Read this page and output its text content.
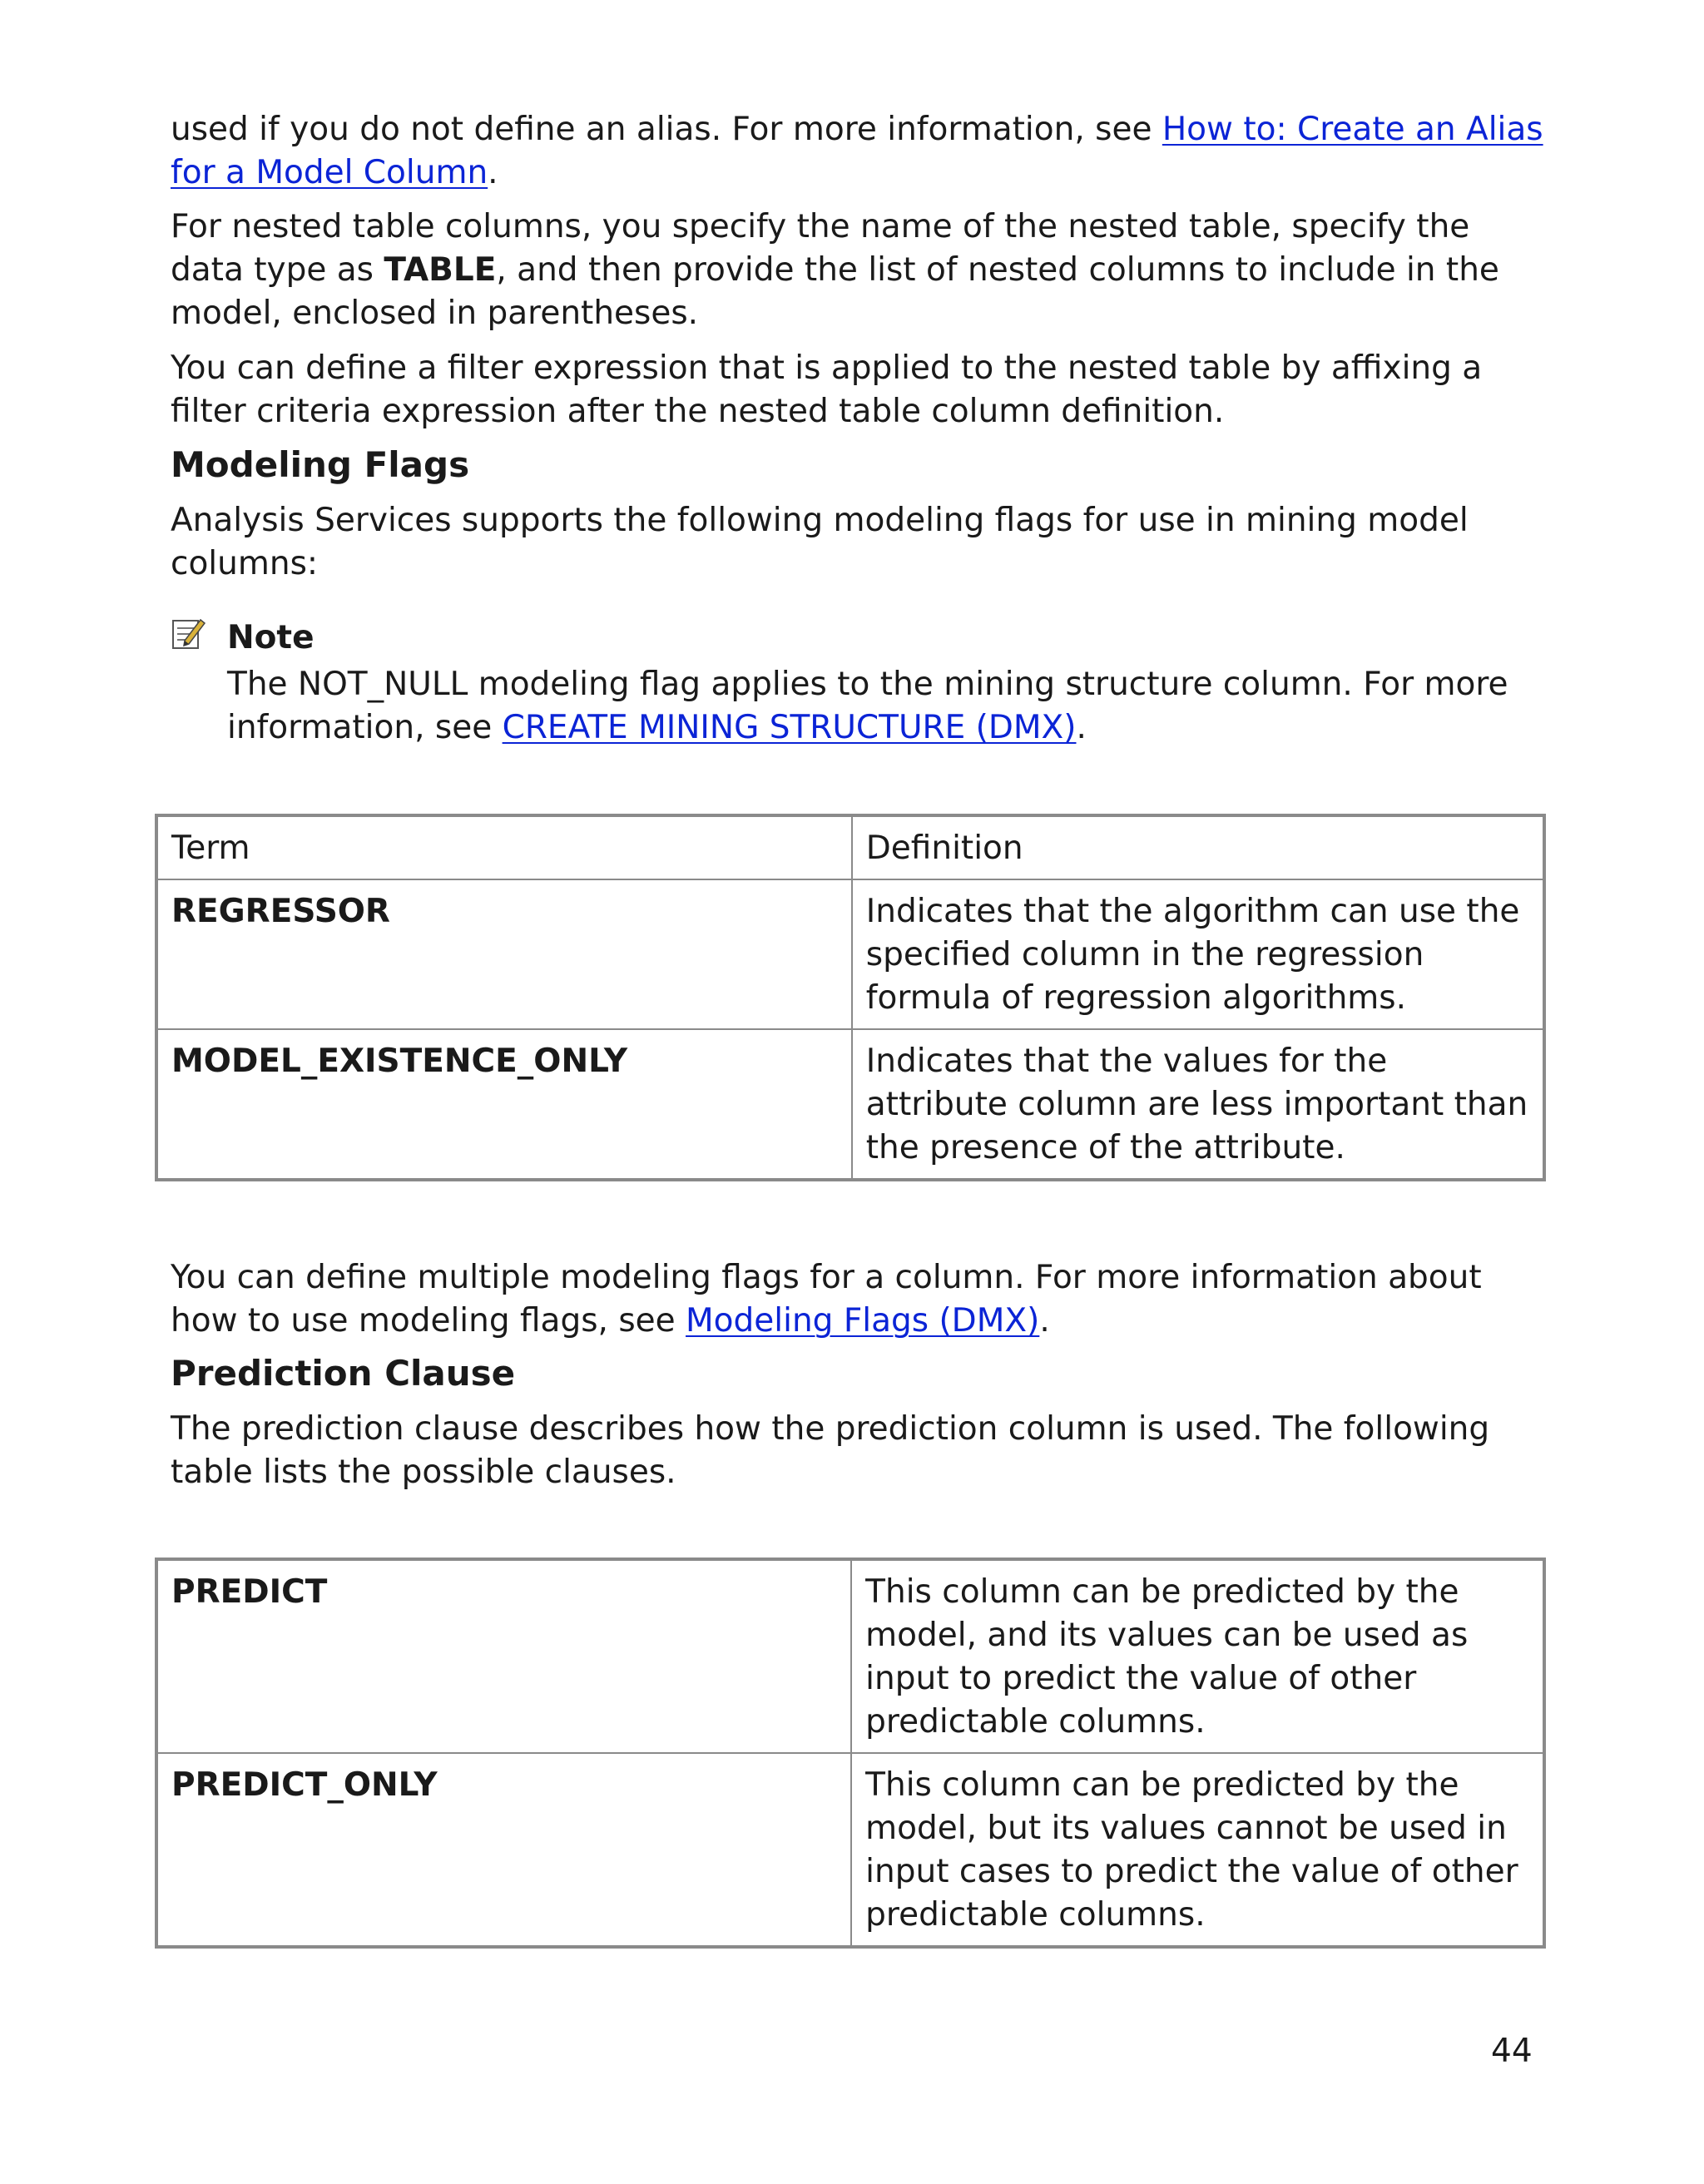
used if you do not define an alias. For more information, see How to: Create an Alias for a Model Column.

For nested table columns, you specify the name of the nested table, specify the data type as TABLE, and then provide the list of nested columns to include in the model, enclosed in parentheses.

You can define a filter expression that is applied to the nested table by affixing a filter criteria expression after the nested table column definition.

Modeling Flags

Analysis Services supports the following modeling flags for use in mining model columns:

Note

The NOT_NULL modeling flag applies to the mining structure column. For more information, see CREATE MINING STRUCTURE (DMX).

Term	Definition
REGRESSOR	Indicates that the algorithm can use the specified column in the regression formula of regression algorithms.
MODEL_EXISTENCE_ONLY	Indicates that the values for the attribute column are less important than the presence of the attribute.

You can define multiple modeling flags for a column. For more information about how to use modeling flags, see Modeling Flags (DMX).

Prediction Clause

The prediction clause describes how the prediction column is used. The following table lists the possible clauses.

PREDICT	This column can be predicted by the model, and its values can be used as input to predict the value of other predictable columns.
PREDICT_ONLY	This column can be predicted by the model, but its values cannot be used in input cases to predict the value of other predictable columns.
44
